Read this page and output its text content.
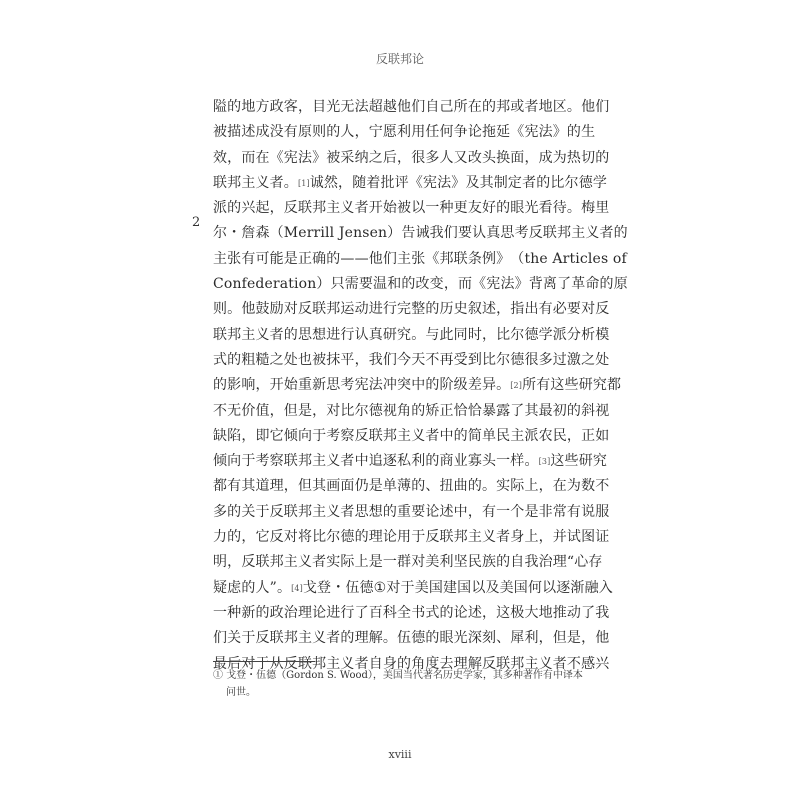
反联邦论
2
隘 的 地 方 政 客 ， 目 光 无 法 超 越 他 们 自 己 所 在 的 邦 或 者 地 区 。 他 们
被 描 述 成 没 有 原 则 的 人 ， 宁 愿 利 用 任 何 争 论 拖 延 《 宪 法 》 的 生
效 ， 而 在 《 宪 法 》 被 采 纳 之 后 ， 很 多 人 又 改 头 换 面 ， 成 为 热 切 的
联 邦 主 义 者 。 [1] 诚 然 ， 随 着 批 评 《 宪 法 》 及 其 制 定 者 的 比 尔 德 学
派 的 兴 起 ， 反 联 邦 主 义 者 开 始 被 以 一 种 更 友 好 的 眼 光 看 待 。 梅 里
尔 ・ 詹 森 （ Merrill Jensen ） 告 诫 我 们 要 认 真 思 考 反 联 邦 主 义 者 的
主 张 有 可 能 是 正 确 的 — — 他 们 主 张 《 邦 联 条 例 》 （ the Articles of
Confederation ） 只 需 要 温 和 的 改 变 ， 而 《 宪 法 》 背 离 了 革 命 的 原
则 。 他 鼓 励 对 反 联 邦 运 动 进 行 完 整 的 历 史 叙 述 ， 指 出 有 必 要 对 反
联 邦 主 义 者 的 思 想 进 行 认 真 研 究 。 与 此 同 时 ， 比 尔 德 学 派 分 析 模
式 的 粗 糙 之 处 也 被 抹 平 ， 我 们 今 天 不 再 受 到 比 尔 德 很 多 过 激 之 处
的 影 响 ， 开 始 重 新 思 考 宪 法 冲 突 中 的 阶 级 差 异 。 [2] 所 有 这 些 研 究 都
不 无 价 值 ， 但 是 ， 对 比 尔 德 视 角 的 矫 正 恰 恰 暴 露 了 其 最 初 的 斜 视
缺 陷 ， 即 它 倾 向 于 考 察 反 联 邦 主 义 者 中 的 简 单 民 主 派 农 民 ， 正 如
倾 向 于 考 察 联 邦 主 义 者 中 追 逐 私 利 的 商 业 寡 头 一 样 。 [3] 这 些 研 究
都 有 其 道 理 ， 但 其 画 面 仍 是 单 薄 的 、 扭 曲 的 。 实 际 上 ， 在 为 数 不
多 的 关 于 反 联 邦 主 义 者 思 想 的 重 要 论 述 中 ， 有 一 个 是 非 常 有 说 服
力 的 ， 它 反 对 将 比 尔 德 的 理 论 用 于 反 联 邦 主 义 者 身 上 ， 并 试 图 证
明 ， 反 联 邦 主 义 者 实 际 上 是 一 群 对 美 利 坚 民 族 的 自 我 治 理 “ 心 存
疑 虑 的 人 ” 。 [4] 戈 登 ・ 伍 德 ① 对 于 美 国 建 国 以 及 美 国 何 以 逐 渐 融 入
一 种 新 的 政 治 理 论 进 行 了 百 科 全 书 式 的 论 述 ， 这 极 大 地 推 动 了 我
们 关 于 反 联 邦 主 义 者 的 理 解 。 伍 德 的 眼 光 深 刻 、 犀 利 ， 但 是 ， 他
最 后 对 于 从 反 联 邦 主 义 者 自 身 的 角 度 去 理 解 反 联 邦 主 义 者 不 感 兴
① 戈登・伍德（Gordon S. Wood），美国当代著名历史学家，其多种著作有中译本
问世。
xviii
